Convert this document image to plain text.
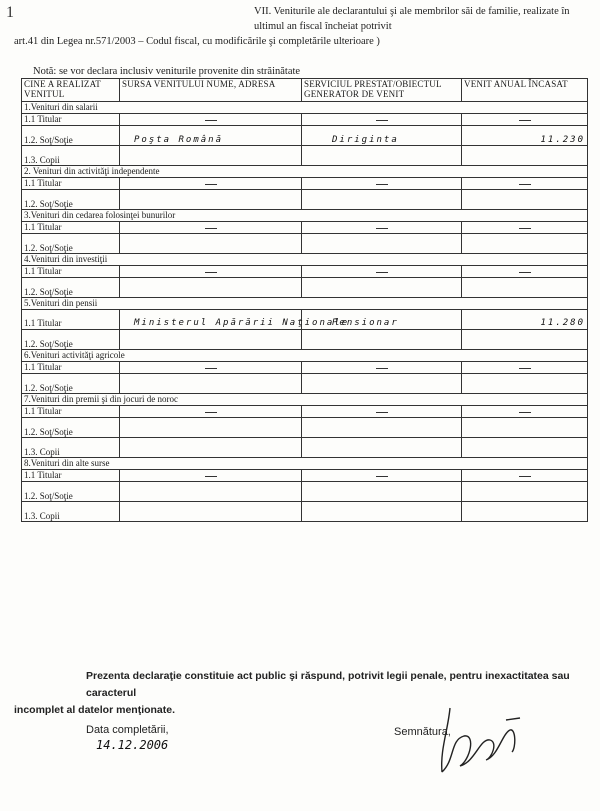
1	VII. Veniturile ale declarantului şi ale membrilor săi de familie, realizate în ultimul an fiscal încheiat potrivit
art.41 din Legea nr.571/2003 – Codul fiscal, cu modificările şi completările ulterioare )
Notă: se vor declara inclusiv veniturile provenite din străinătate
CINE A REALIZAT VENITUL	SURSA VENITULUI NUME, ADRESA	SERVICIUL PRESTAT/OBIECTUL GENERATOR DE VENIT	VENIT ANUAL ÎNCASAT
1.Venituri din salarii			
1.1 Titular	

1.2. Soţ/Soţie	Poşta Română	Diriginta	11.230
1.3. Copii			
2. Venituri din activităţi independente			
1.1 Titular	

1.2. Soţ/Soţie			
3.Venituri din cedarea folosinţei bunurilor			
1.1 Titular	

1.2. Soţ/Soţie			
4.Venituri din investiţii			
1.1 Titular	

1.2. Soţ/Soţie			
5.Venituri din pensii			
1.1 Titular	Ministerul Apărării Naţionale	Pensionar	11.280
1.2. Soţ/Soţie			
6.Venituri activităţi agricole			
1.1 Titular	

1.2. Soţ/Soţie			
7.Venituri din premii şi din jocuri de noroc			
1.1 Titular	

1.2. Soţ/Soţie			
1.3. Copii			
8.Venituri din alte surse			
1.1 Titular	

1.2. Soţ/Soţie			
1.3. Copii			
Prezenta declaraţie constituie act public şi răspund, potrivit legii penale, pentru inexactitatea sau caracterul
incomplet al datelor menţionate.
Data completării,
14.12.2006
Semnătura,
